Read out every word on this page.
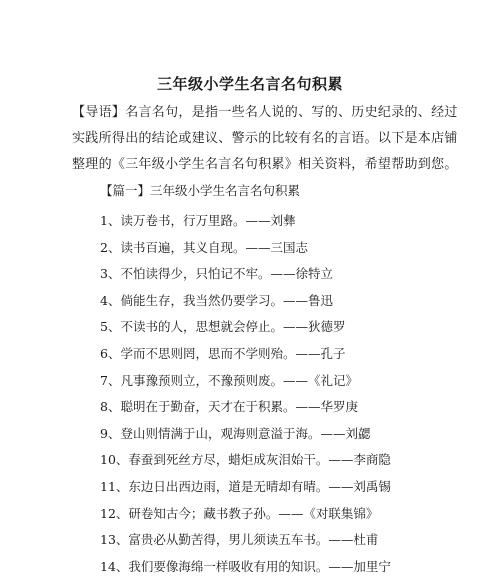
三年级小学生名言名句积累
【导语】名言名句，是指一些名人说的、写的、历史纪录的、经过
实践所得出的结论或建议、警示的比较有名的言语。以下是本店铺
整理的《三年级小学生名言名句积累》相关资料，希望帮助到您。
【篇一】三年级小学生名言名句积累
1、读万卷书，行万里路。——刘彝
2、读书百遍，其义自现。——三国志
3、不怕读得少，只怕记不牢。——徐特立
4、倘能生存，我当然仍要学习。——鲁迅
5、不读书的人，思想就会停止。——狄德罗
6、学而不思则罔，思而不学则殆。——孔子
7、凡事豫预则立，不豫预则废。——《礼记》
8、聪明在于勤奋，天才在于积累。——华罗庚
9、登山则情满于山，观海则意溢于海。——刘勰
10、春蚕到死丝方尽，蜡炬成灰泪始干。——李商隐
11、东边日出西边雨，道是无晴却有晴。——刘禹锡
12、研卷知古今；藏书教子孙。——《对联集锦》
13、富贵必从勤苦得，男儿须读五车书。——杜甫
14、我们要像海绵一样吸收有用的知识。——加里宁
